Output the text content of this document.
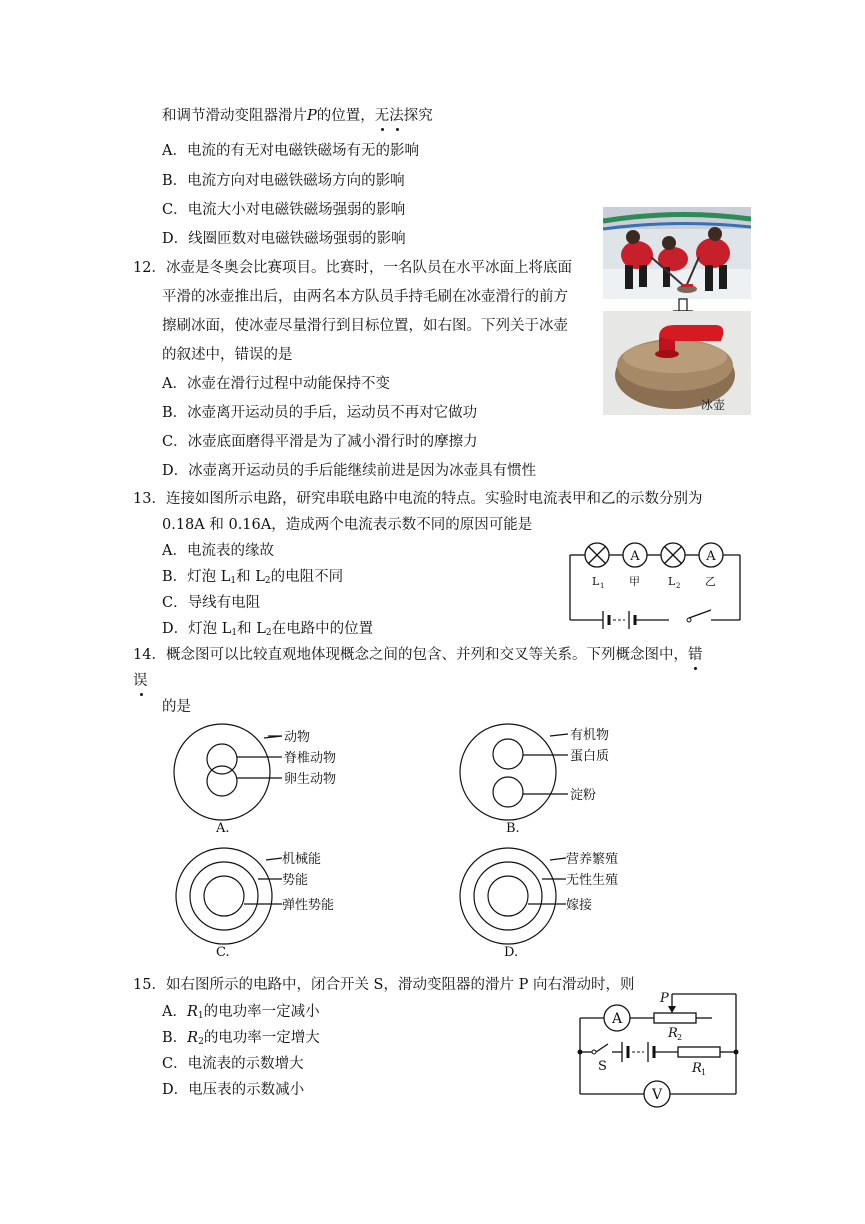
和调节滑动变阻器滑片P的位置，无法探究
A．电流的有无对电磁铁磁场有无的影响
B．电流方向对电磁铁磁场方向的影响
C．电流大小对电磁铁磁场强弱的影响
D．线圈匝数对电磁铁磁场强弱的影响
12．冰壶是冬奥会比赛项目。比赛时，一名队员在水平冰面上将底面
平滑的冰壶推出后，由两名本方队员手持毛刷在冰壶滑行的前方
擦刷冰面，使冰壶尽量滑行到目标位置，如右图。下列关于冰壶
的叙述中，错误的是
A．冰壶在滑行过程中动能保持不变
B．冰壶离开运动员的手后，运动员不再对它做功
C．冰壶底面磨得平滑是为了减小滑行时的摩擦力
D．冰壶离开运动员的手后能继续前进是因为冰壶具有惯性
冰壶
13．连接如图所示电路，研究串联电路中电流的特点。实验时电流表甲和乙的示数分别为
0.18A 和 0.16A，造成两个电流表示数不同的原因可能是
A．电流表的缘故
B．灯泡 $L_1$和 $L_2$的电阻不同
C．导线有电阻
D．灯泡 $L_1$和 $L_2$在电路中的位置
A	A
L 1 甲	L 2 乙
14．概念图可以比较直观地体现概念之间的包含、并列和交叉等关系。下列概念图中，错
误
的是
动物
脊椎动物
卵生动物
A.
有机物
蛋白质
淀粉
B.
机械能
势能
弹性势能
C.
营养繁殖
无性生殖
嫁接
D.
15．如右图所示的电路中，闭合开关 S，滑动变阻器的滑片 P 向右滑动时，则
A．$R_1$的电功率一定减小
B．$R_2$的电功率一定增大
C．电流表的示数增大
D．电压表的示数减小
P
R 2
A
S	R 1
V
